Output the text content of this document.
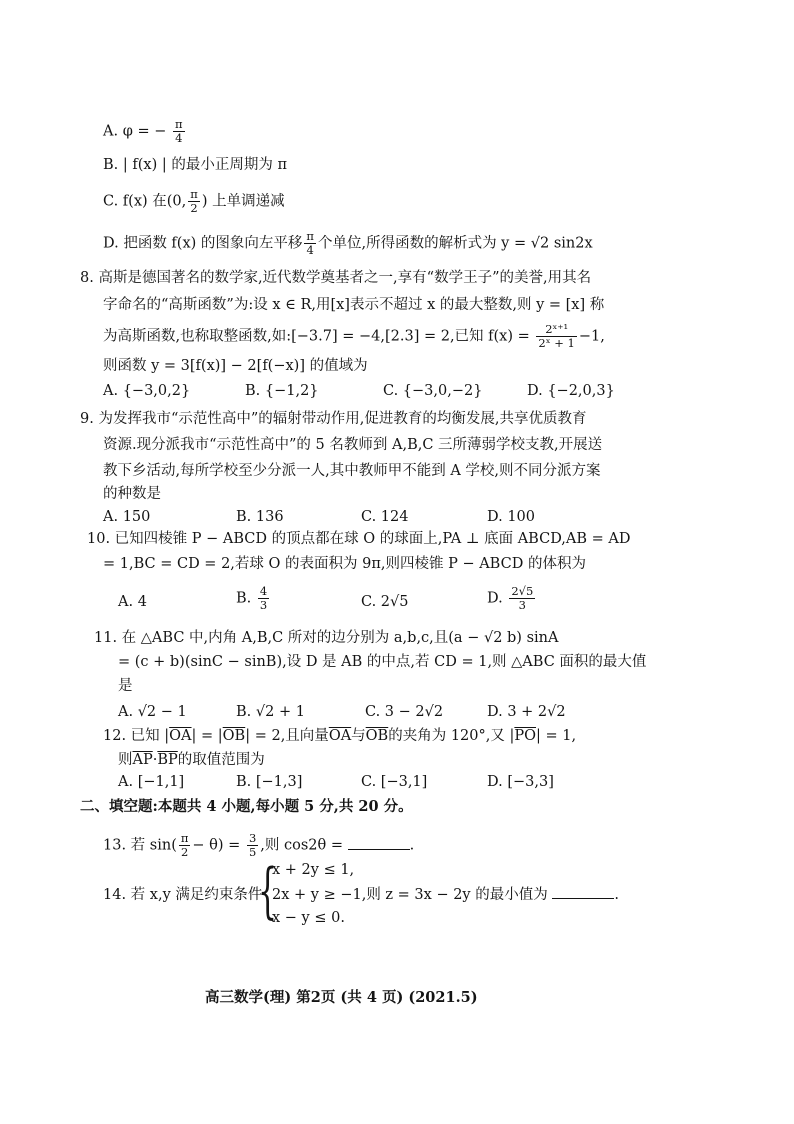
A. φ = − $\frac{\pi}{4}$
B. | f(x) | 的最小正周期为 π
C. f(x) 在(0, $\frac{\pi}{2}$ ) 上单调递减
D. 把函数 f(x) 的图象向左平移 $\frac{\pi}{4}$ 个单位,所得函数的解析式为 y = √2 sin2x
8. 高斯是德国著名的数学家,近代数学奠基者之一,享有“数学王子”的美誉,用其名
字命名的“高斯函数”为:设 x ∈ R,用[x]表示不超过 x 的最大整数,则 y = [x] 称
为高斯函数,也称取整函数,如:[−3.7] = −4,[2.3] = 2,已知 $f(x) = \frac{\text{2ˣ⁺¹}}{\text{2ˣ + 1}} -1$,
则函数 y = 3[f(x)] − 2[f(−x)] 的值域为
A. {−3,0,2}	B. {−1,2}	C. {−3,0,−2}	D. {−2,0,3}
9. 为发挥我市“示范性高中”的辐射带动作用,促进教育的均衡发展,共享优质教育
资源.现分派我市“示范性高中”的 5 名教师到 A,B,C 三所薄弱学校支教,开展送
教下乡活动,每所学校至少分派一人,其中教师甲不能到 A 学校,则不同分派方案
的种数是
A. 150	B. 136	C. 124	D. 100
10. 已知四棱锥 P − ABCD 的顶点都在球 O 的球面上,PA ⊥ 底面 ABCD,AB = AD
= 1,BC = CD = 2,若球 O 的表面积为 9π,则四棱锥 P − ABCD 的体积为
A. 4	B. $\frac{4}{3}$	C. 2√5	D. $\frac{2√5}{3}$
11. 在 △ABC 中,内角 A,B,C 所对的边分别为 a,b,c,且(a − √2 b) sinA
= (c + b)(sinC − sinB),设 D 是 AB 的中点,若 CD = 1,则 △ABC 面积的最大值
是
A. √2 − 1	B. √2 + 1	C. 3 − 2√2	D. 3 + 2√2
12. 已知 $|\overline{OA}| = |\overline{OB}| = 2$,且向量$\overline{OA}$与$\overline{OB}$的夹角为 120°,又 $|\overline{PO}| = 1$,
则$\overline{AP}\cdot\overline{BP}$的取值范围为
A. [−1,1]	B. [−1,3]	C. [−3,1]	D. [−3,3]
二、填空题:本题共 4 小题,每小题 5 分,共 20 分。
13. 若 $\sin( \frac{\pi}{2} - \theta) = \frac{3}{5}$ ,则 cos2θ =	.
14. 若 x,y 满足约束条件
{
x + 2y ≤ 1,
2x + y ≥ −1,则 z = 3x − 2y 的最小值为	.
x − y ≤ 0.
高三数学(理) 第2页 (共 4 页) (2021.5)
